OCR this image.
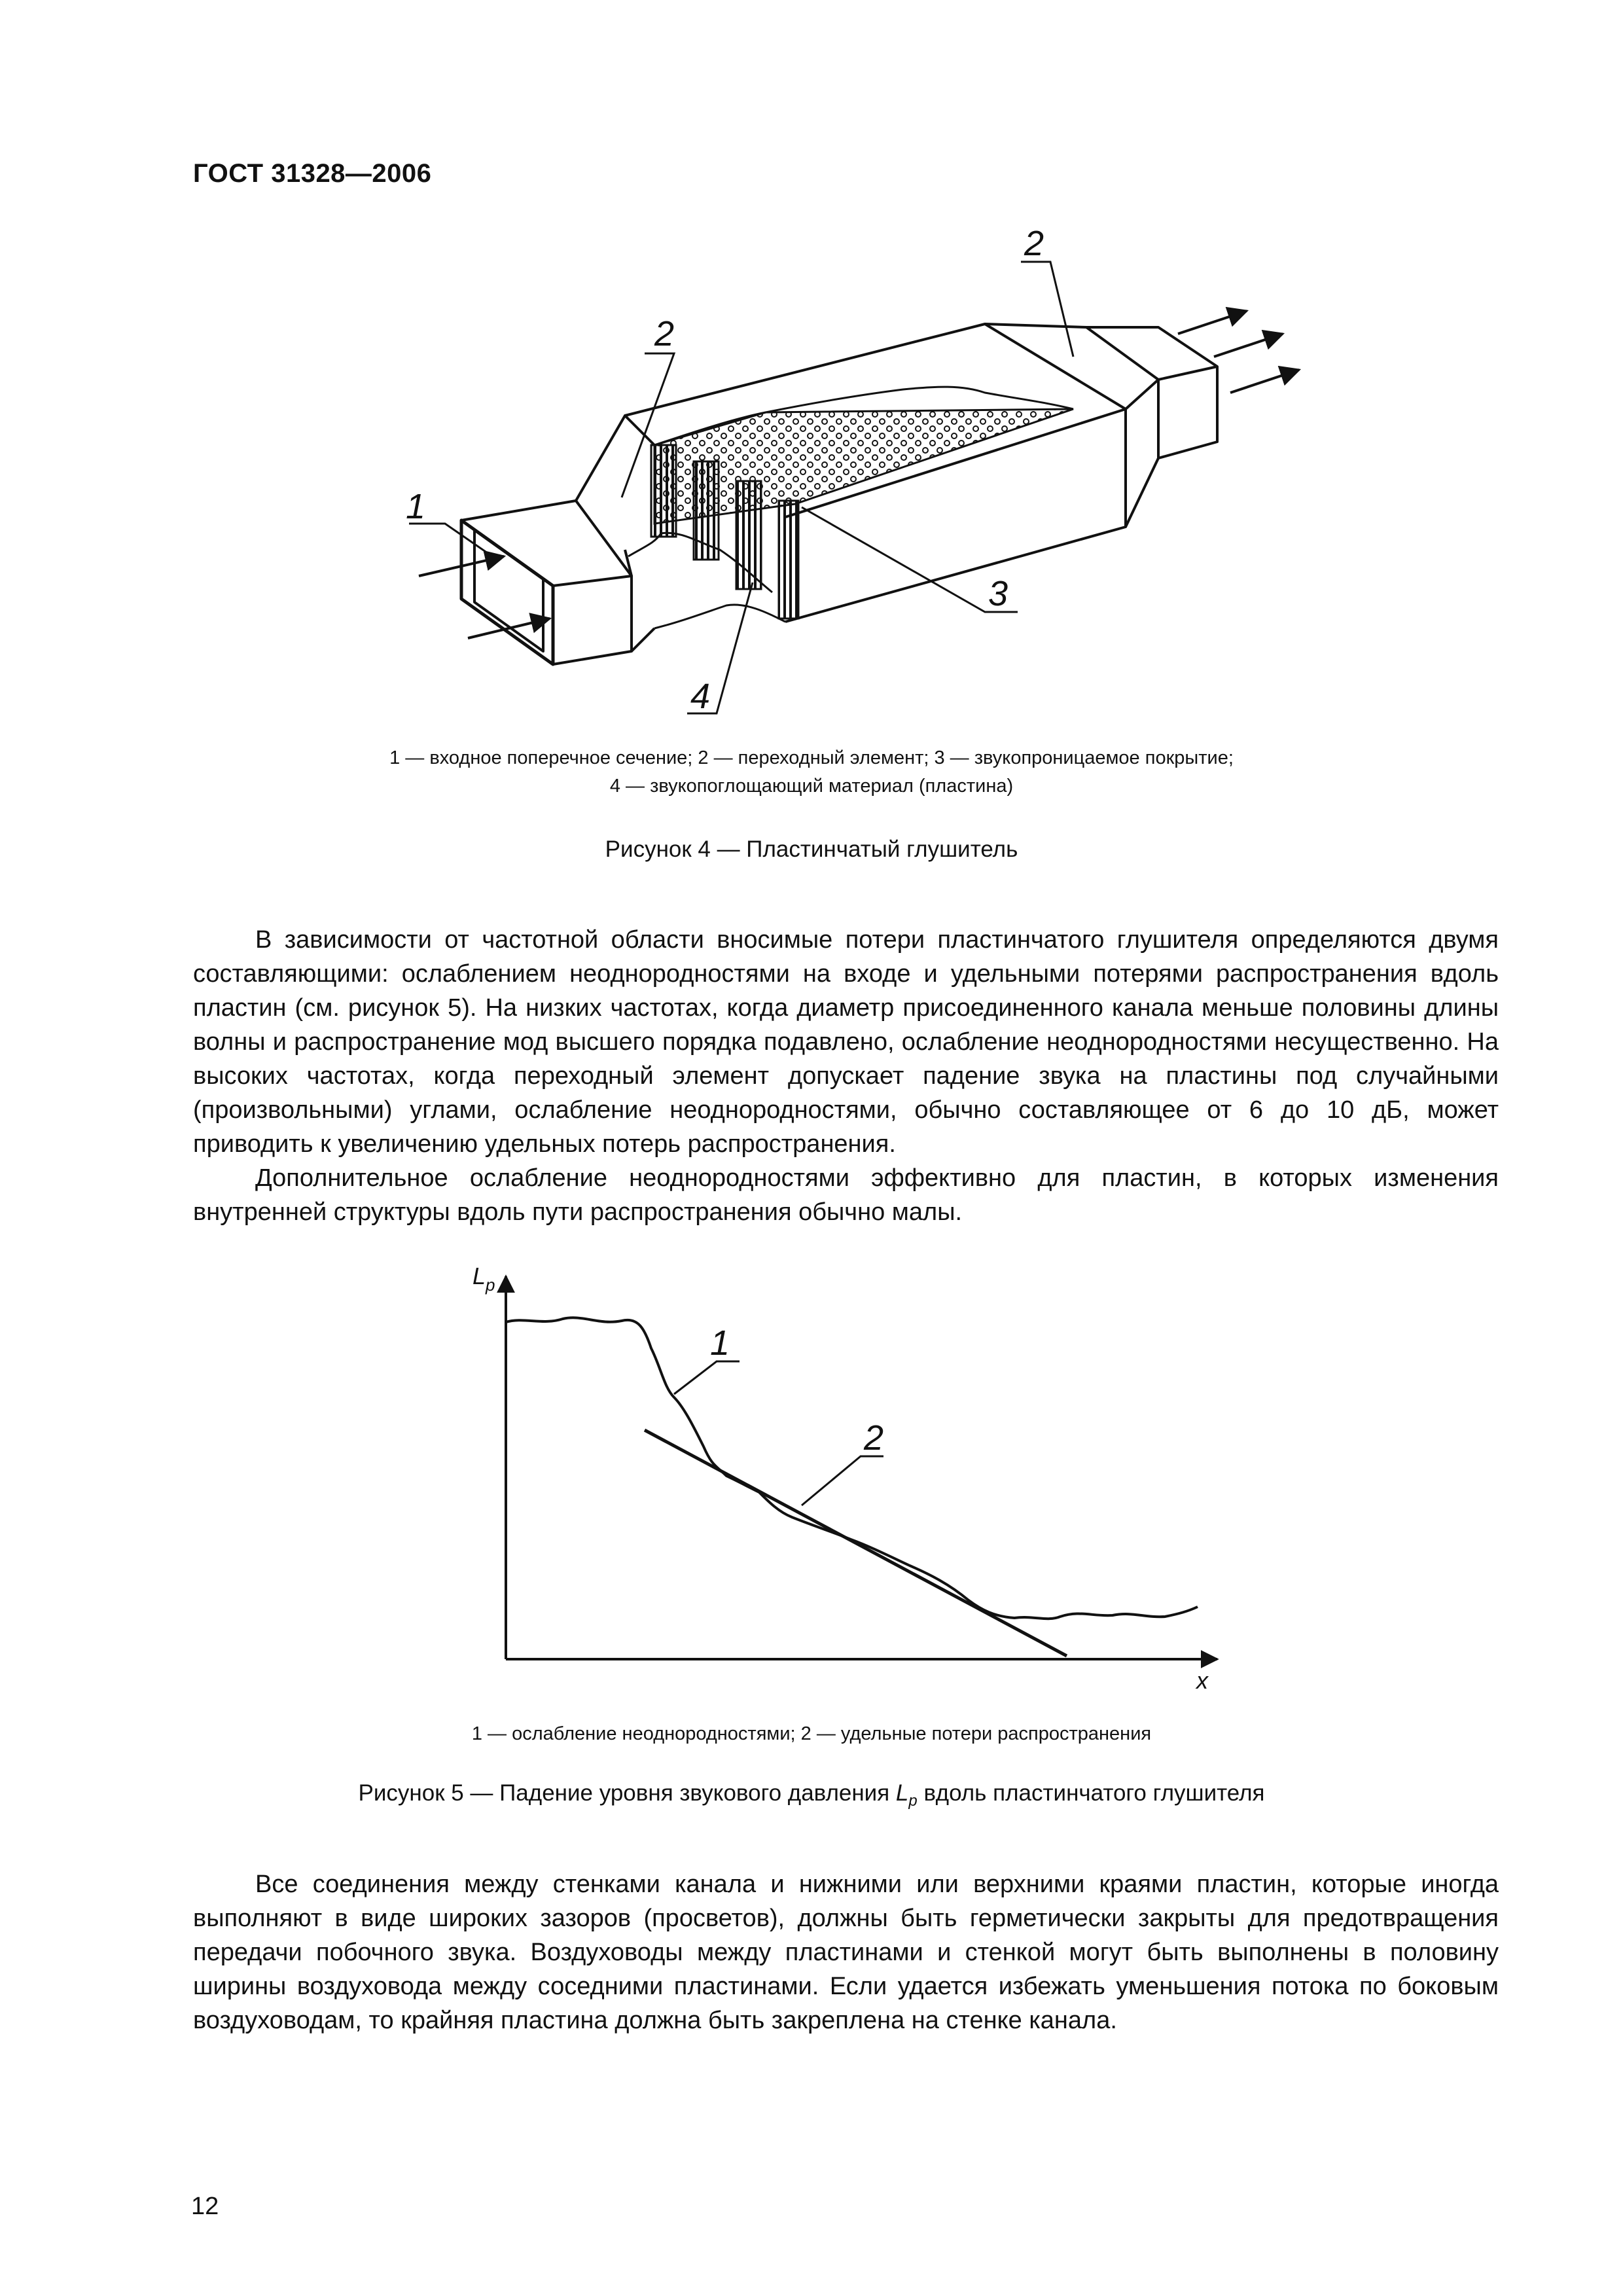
ГОСТ 31328—2006
1
2
2
3
4
1 — входное поперечное сечение; 2 — переходный элемент; 3 — звукопроницаемое покрытие;
4 — звукопоглощающий материал (пластина)
Рисунок 4 — Пластинчатый глушитель

В зависимости от частотной области вносимые потери пластинчатого глушителя определяются двумя составляющими: ослаблением неоднородностями на входе и удельными потерями распространения вдоль пластин (см. рисунок 5). На низких частотах, когда диаметр присоединенного канала меньше половины длины волны и распространение мод высшего порядка подавлено, ослабление неоднородностями несущественно. На высоких частотах, когда переходный элемент допускает падение звука на пластины под случайными (произвольными) углами, ослабление неоднородностями, обычно составляющее от 6 до 10 дБ, может приводить к увеличению удельных потерь распространения.

Дополнительное ослабление неоднородностями эффективно для пластин, в которых изменения внутренней структуры вдоль пути распространения обычно малы.

$L_p$
x
1
2
1 — ослабление неоднородностями; 2 — удельные потери распространения
Рисунок 5 — Падение уровня звукового давления $L_p$ вдоль пластинчатого глушителя

Все соединения между стенками канала и нижними или верхними краями пластин, которые иногда выполняют в виде широких зазоров (просветов), должны быть герметически закрыты для предотвращения передачи побочного звука. Воздуховоды между пластинами и стенкой могут быть выполнены в половину ширины воздуховода между соседними пластинами. Если удается избежать уменьшения потока по боковым воздуховодам, то крайняя пластина должна быть закреплена на стенке канала.

12
